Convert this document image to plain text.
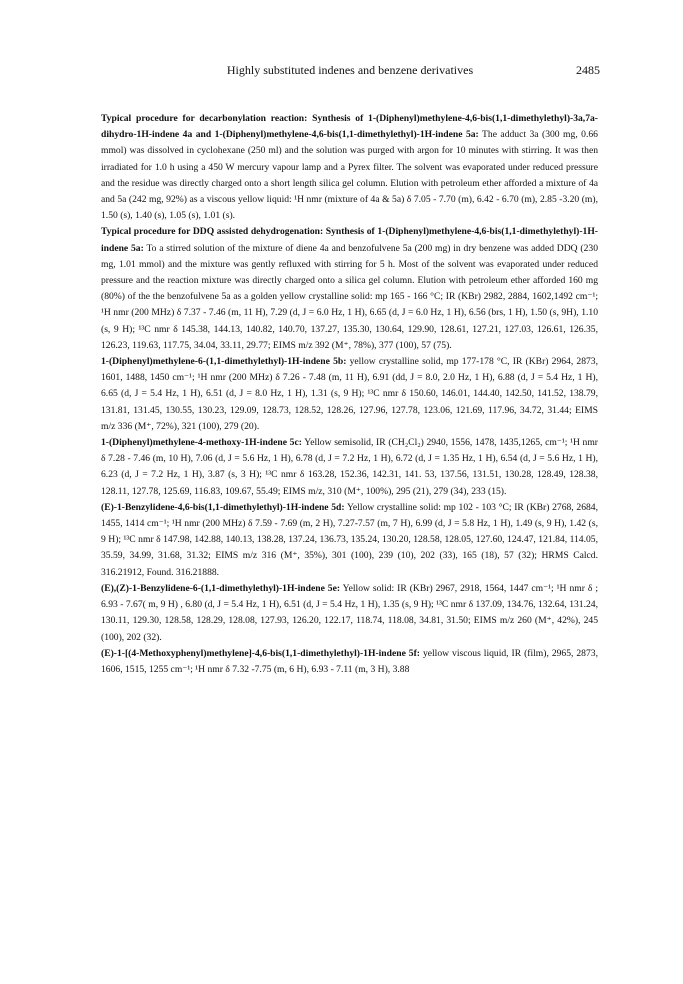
Highly substituted indenes and benzene derivatives	2485

Typical procedure for decarbonylation reaction: Synthesis of 1-(Diphenyl)methylene-4,6-bis(1,1-dimethylethyl)-3a,7a-dihydro-1H-indene 4a and 1-(Diphenyl)methylene-4,6-bis(1,1-dimethylethyl)-1H-indene 5a: The adduct 3a (300 mg, 0.66 mmol) was dissolved in cyclohexane (250 ml) and the solution was purged with argon for 10 minutes with stirring. It was then irradiated for 1.0 h using a 450 W mercury vapour lamp and a Pyrex filter. The solvent was evaporated under reduced pressure and the residue was directly charged onto a short length silica gel column. Elution with petroleum ether afforded a mixture of 4a and 5a (242 mg, 92%) as a viscous yellow liquid: ¹H nmr (mixture of 4a & 5a) δ 7.05 - 7.70 (m), 6.42 - 6.70 (m), 2.85 -3.20 (m), 1.50 (s), 1.40 (s), 1.05 (s), 1.01 (s).

Typical procedure for DDQ assisted dehydrogenation: Synthesis of 1-(Diphenyl)methylene-4,6-bis(1,1-dimethylethyl)-1H-indene 5a: To a stirred solution of the mixture of diene 4a and benzofulvene 5a (200 mg) in dry benzene was added DDQ (230 mg, 1.01 mmol) and the mixture was gently refluxed with stirring for 5 h. Most of the solvent was evaporated under reduced pressure and the reaction mixture was directly charged onto a silica gel column. Elution with petroleum ether afforded 160 mg (80%) of the the benzofulvene 5a as a golden yellow crystalline solid: mp 165 - 166 °C; IR (KBr) 2982, 2884, 1602,1492 cm⁻¹; ¹H nmr (200 MHz) δ 7.37 - 7.46 (m, 11 H), 7.29 (d, J = 6.0 Hz, 1 H), 6.65 (d, J = 6.0 Hz, 1 H), 6.56 (brs, 1 H), 1.50 (s, 9H), 1.10 (s, 9 H); ¹³C nmr δ 145.38, 144.13, 140.82, 140.70, 137.27, 135.30, 130.64, 129.90, 128.61, 127.21, 127.03, 126.61, 126.35, 126.23, 119.63, 117.75, 34.04, 33.11, 29.77; EIMS m/z 392 (M⁺, 78%), 377 (100), 57 (75).

1-(Diphenyl)methylene-6-(1,1-dimethylethyl)-1H-indene 5b: yellow crystalline solid, mp 177-178 °C, IR (KBr) 2964, 2873, 1601, 1488, 1450 cm⁻¹; ¹H nmr (200 MHz) δ 7.26 - 7.48 (m, 11 H), 6.91 (dd, J = 8.0, 2.0 Hz, 1 H), 6.88 (d, J = 5.4 Hz, 1 H), 6.65 (d, J = 5.4 Hz, 1 H), 6.51 (d, J = 8.0 Hz, 1 H), 1.31 (s, 9 H); ¹³C nmr δ 150.60, 146.01, 144.40, 142.50, 141.52, 138.79, 131.81, 131.45, 130.55, 130.23, 129.09, 128.73, 128.52, 128.26, 127.96, 127.78, 123.06, 121.69, 117.96, 34.72, 31.44; EIMS m/z 336 (M⁺, 72%), 321 (100), 279 (20).

1-(Diphenyl)methylene-4-methoxy-1H-indene 5c: Yellow semisolid, IR (CH₂Cl₂) 2940, 1556, 1478, 1435,1265, cm⁻¹; ¹H nmr δ 7.28 - 7.46 (m, 10 H), 7.06 (d, J = 5.6 Hz, 1 H), 6.78 (d, J = 7.2 Hz, 1 H), 6.72 (d, J = 1.35 Hz, 1 H), 6.54 (d, J = 5.6 Hz, 1 H), 6.23 (d, J = 7.2 Hz, 1 H), 3.87 (s, 3 H); ¹³C nmr δ 163.28, 152.36, 142.31, 141. 53, 137.56, 131.51, 130.28, 128.49, 128.38, 128.11, 127.78, 125.69, 116.83, 109.67, 55.49; EIMS m/z, 310 (M⁺, 100%), 295 (21), 279 (34), 233 (15).

(E)-1-Benzylidene-4,6-bis(1,1-dimethylethyl)-1H-indene 5d: Yellow crystalline solid: mp 102 - 103 °C; IR (KBr) 2768, 2684, 1455, 1414 cm⁻¹; ¹H nmr (200 MHz) δ 7.59 - 7.69 (m, 2 H), 7.27-7.57 (m, 7 H), 6.99 (d, J = 5.8 Hz, 1 H), 1.49 (s, 9 H), 1.42 (s, 9 H); ¹³C nmr δ 147.98, 142.88, 140.13, 138.28, 137.24, 136.73, 135.24, 130.20, 128.58, 128.05, 127.60, 124.47, 121.84, 114.05, 35.59, 34.99, 31.68, 31.32; EIMS m/z 316 (M⁺, 35%), 301 (100), 239 (10), 202 (33), 165 (18), 57 (32); HRMS Calcd. 316.21912, Found. 316.21888.

(E),(Z)-1-Benzylidene-6-(1,1-dimethylethyl)-1H-indene 5e: Yellow solid: IR (KBr) 2967, 2918, 1564, 1447 cm⁻¹; ¹H nmr δ ; 6.93 - 7.67( m, 9 H) , 6.80 (d, J = 5.4 Hz, 1 H), 6.51 (d, J = 5.4 Hz, 1 H), 1.35 (s, 9 H); ¹³C nmr δ 137.09, 134.76, 132.64, 131.24, 130.11, 129.30, 128.58, 128.29, 128.08, 127.93, 126.20, 122.17, 118.74, 118.08, 34.81, 31.50; EIMS m/z 260 (M⁺, 42%), 245 (100), 202 (32).

(E)-1-[(4-Methoxyphenyl)methylene]-4,6-bis(1,1-dimethylethyl)-1H-indene 5f: yellow viscous liquid, IR (film), 2965, 2873, 1606, 1515, 1255 cm⁻¹; ¹H nmr δ 7.32 -7.75 (m, 6 H), 6.93 - 7.11 (m, 3 H), 3.88
